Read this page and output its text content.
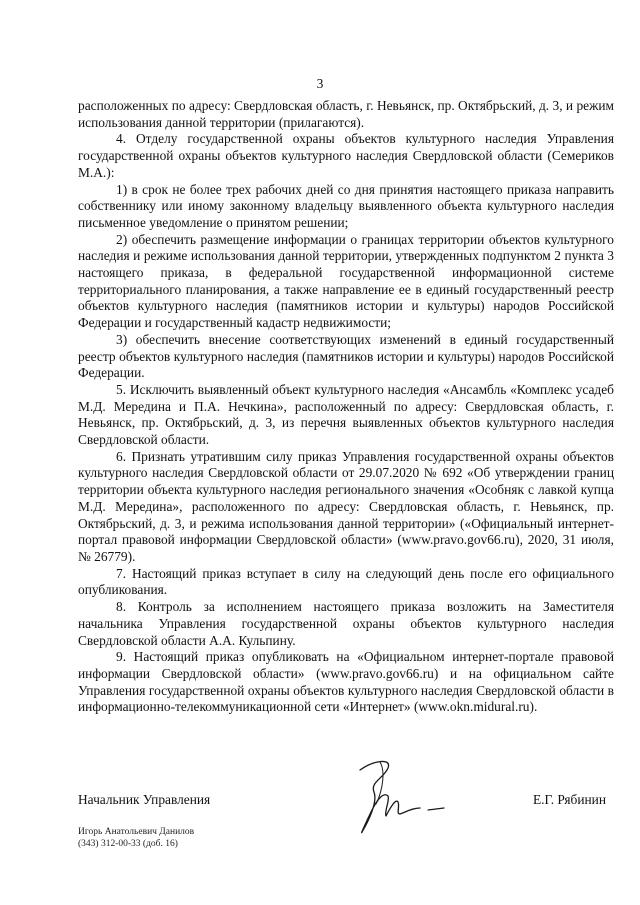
3

расположенных по адресу: Свердловская область, г. Невьянск, пр. Октябрьский, д. 3, и режим использования данной территории (прилагаются).

4. Отделу государственной охраны объектов культурного наследия Управления государственной охраны объектов культурного наследия Свердловской области (Семериков М.А.):

1) в срок не более трех рабочих дней со дня принятия настоящего приказа направить собственнику или иному законному владельцу выявленного объекта культурного наследия письменное уведомление о принятом решении;

2) обеспечить размещение информации о границах территории объектов культурного наследия и режиме использования данной территории, утвержденных подпунктом 2 пункта 3 настоящего приказа, в федеральной государственной информационной системе территориального планирования, а также направление ее в единый государственный реестр объектов культурного наследия (памятников истории и культуры) народов Российской Федерации и государственный кадастр недвижимости;

3) обеспечить внесение соответствующих изменений в единый государственный реестр объектов культурного наследия (памятников истории и культуры) народов Российской Федерации.

5. Исключить выявленный объект культурного наследия «Ансамбль «Комплекс усадеб М.Д. Мередина и П.А. Нечкина», расположенный по адресу: Свердловская область, г. Невьянск, пр. Октябрьский, д. 3, из перечня выявленных объектов культурного наследия Свердловской области.

6. Признать утратившим силу приказ Управления государственной охраны объектов культурного наследия Свердловской области от 29.07.2020 № 692 «Об утверждении границ территории объекта культурного наследия регионального значения «Особняк с лавкой купца М.Д. Мередина», расположенного по адресу: Свердловская область, г. Невьянск, пр. Октябрьский, д. 3, и режима использования данной территории» («Официальный интернет-портал правовой информации Свердловской области» (www.pravo.gov66.ru), 2020, 31 июля, № 26779).

7. Настоящий приказ вступает в силу на следующий день после его официального опубликования.

8. Контроль за исполнением настоящего приказа возложить на Заместителя начальника Управления государственной охраны объектов культурного наследия Свердловской области А.А. Кульпину.

9. Настоящий приказ опубликовать на «Официальном интернет-портале правовой информации Свердловской области» (www.pravo.gov66.ru) и на официальном сайте Управления государственной охраны объектов культурного наследия Свердловской области в информационно-телекоммуникационной сети «Интернет» (www.okn.midural.ru).

Начальник Управления	Е.Г. Рябинин
Игорь Анатольевич Данилов
(343) 312-00-33 (доб. 16)
